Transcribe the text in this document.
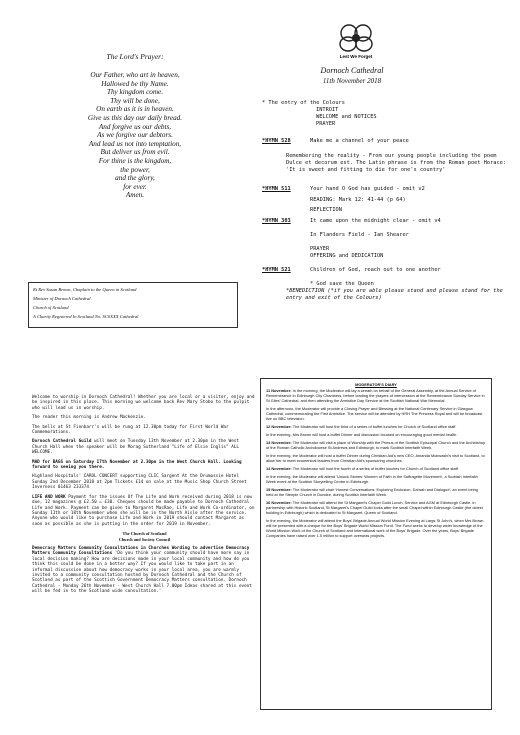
The Lord's Prayer:
Our Father, who art in heaven,
Hallowed be thy Name.
Thy kingdom come.
Thy will be done,
On earth as it is in heaven.
Give us this day our daily bread.
And forgive us our debts,
As we forgive our debtors.
And lead us not into temptation,
But deliver us from evil.
For thine is the kingdom,
the power,
and the glory,
for ever.
Amen.
Rt Rev Susan Brown, Chaplain to the Queen in Scotland
Minister of Dornoch Cathedral
Church of Scotland
A Charity Registered In Scotland No. SC0XXX Cathedral
Lest We Forget
Dornoch Cathedral
11th November 2018
* The entry of the Colours
INTROIT
WELCOME and NOTICES
PRAYER
*HYMN 528	Make me a channel of your peace
Remembering the reality - From our young people including the poem Dulce et decorum est. The Latin phrase is from the Roman poet Horace: 'It is sweet and fitting to die for one's country'
*HYMN 511	Your hand O God has guided - omit v2
READING: Mark 12: 41-44 (p 64)
REFLECTION
*HYMN 303	It came upon the midnight clear - omit v4
In Flanders Field - Ian Shearer
PRAYER
OFFERING and DEDICATION
*HYMN 521	Children of God, reach out to one another
* God save the Queen
*BENEDICTION (*if you are able please stand and please stand for the entry and exit of the Colours)

Welcome to worship in Dornoch Cathedral! Whether you are local or a visitor, enjoy and be inspired in this place. This morning we welcome back Rev Mary Stobo to the pulpit who will lead us in worship.

The reader this morning is Andrew Mackenzie.

The bells at St Finnbarr's will be rung at 12.30pm today for First World War Commemorations.

Dornoch Cathedral Guild will meet on Tuesday 13th November at 2.30pm in the West Church Hall when the speaker will be Morag Sutherland "Life of Elsie Inglis" ALL WELCOME.

MAD for BAGS on Saturday 17th November at 2.30pm in the West Church Hall. Looking forward to seeing you there.

Highland Hospitals' CAROL CONCERT supporting CLIC Sargent At the Drumossie Hotel Sunday 2nd December 2018 at 2pm Tickets £14 on sale at the Music Shop Church Street Inverness 01463 233374

LIFE AND WORK Payment for the issues Of The Life and Work received during 2018 is now due, 12 magazines @ £2.50 = £30. Cheques should be made payable to Dornoch Cathedral Life and Work. Payment can be given to Margaret MacRae, Life and Work Co-ordinator, on Sunday 11th or 18th November when she will be in the North Aisle after the service. Anyone who would like to purchase Life and Work in 2019 should contact Margaret as soon as possible as she is putting in the order for 2019 in November.

The Church of Scotland
Church and Society Council

Democracy Matters Community Consultations in Churches Wording to advertise Democracy Matters Community Consultations 'Do you think your community should have more say in local decision making? How are decisions made in your local community and how do you think this could be done in a better way? If you would like to take part in an informal discussion about how democracy works in your local area, you are warmly invited to a community consultation hosted by Dornoch Cathedral and the Church of Scotland as part of the Scottish Government Democracy Matters consultation. Dornoch Cathedral - Monday 26th November - West Church Hall 7.00pm Ideas shared at this event will be fed in to the Scotland wide consultation.'

MODERATOR'S DIARY

11 November: In the morning, the Moderator will lay a wreath on behalf of the General Assembly, at the Annual Service of Remembrance in Edinburgh City Chambers, before leading the prayers of intercession at the Remembrance Sunday Service in St Giles' Cathedral, and then attending the Armistice Day Service at the Scottish National War Memorial.

In the afternoon, the Moderator will provide a Closing Prayer and Blessing at the National Centenary Service in Glasgow Cathedral, commemorating the First Armistice. The service will be attended by HRH The Princess Royal and will be broadcast live on BBC television.

12 November: The Moderator will host the third of a series of buffet lunches for Church of Scotland office staff.

In the evening, Mrs Brown will host a buffet Dinner and discussion focused on encouraging good mental health.

13 November: The Moderator will visit a place of Worship with the Primus of the Scottish Episcopal Church and the Archbishop of the Roman Catholic Archdiocese St Andrews and Edinburgh, to mark Scottish Interfaith Week.

In the evening, the Moderator will host a buffet Dinner during Christian Aid's new CEO, Amanda Mukwashi's visit to Scotland, to allow her to meet ecumenical leaders from Christian Aid's sponsoring churches.

14 November: The Moderator will host the fourth of a series of buffet lunches for Church of Scotland office staff.

In the evening, the Moderator will attend 'Unlock Stories: Women of Faith in the Suffragette Movement', a Scottish Interfaith Week event at the Scottish Storytelling Centre in Edinburgh.

15 November: The Moderator will chair 'Honest Conversations: Exploring Exclusion, Da'wah and Dialogue', an event being held at the Steeple Church in Dundee, during Scottish Interfaith Week.

16 November: The Moderator will attend the St Margaret's Chapel Guild Lunch, Service and AGM at Edinburgh Castle. In partnership with Historic Scotland, St Margaret's Chapel Guild looks after the small Chapel within Edinburgh Castle (the oldest building in Edinburgh) which is dedicated to St Margaret, Queen of Scotland.

In the evening, the Moderator will attend the Boys' Brigade Annual World Mission Evening at Largs St John's, when Mrs Brown will be presented with a cheque for the Boys' Brigade World Mission Fund. The Fund seeks to develop wider knowledge of the World Mission Work of the Church of Scotland and international work of the Boys' Brigade. Over the years, Boys' Brigade Companies have raised over 1.5 million to support overseas projects.
